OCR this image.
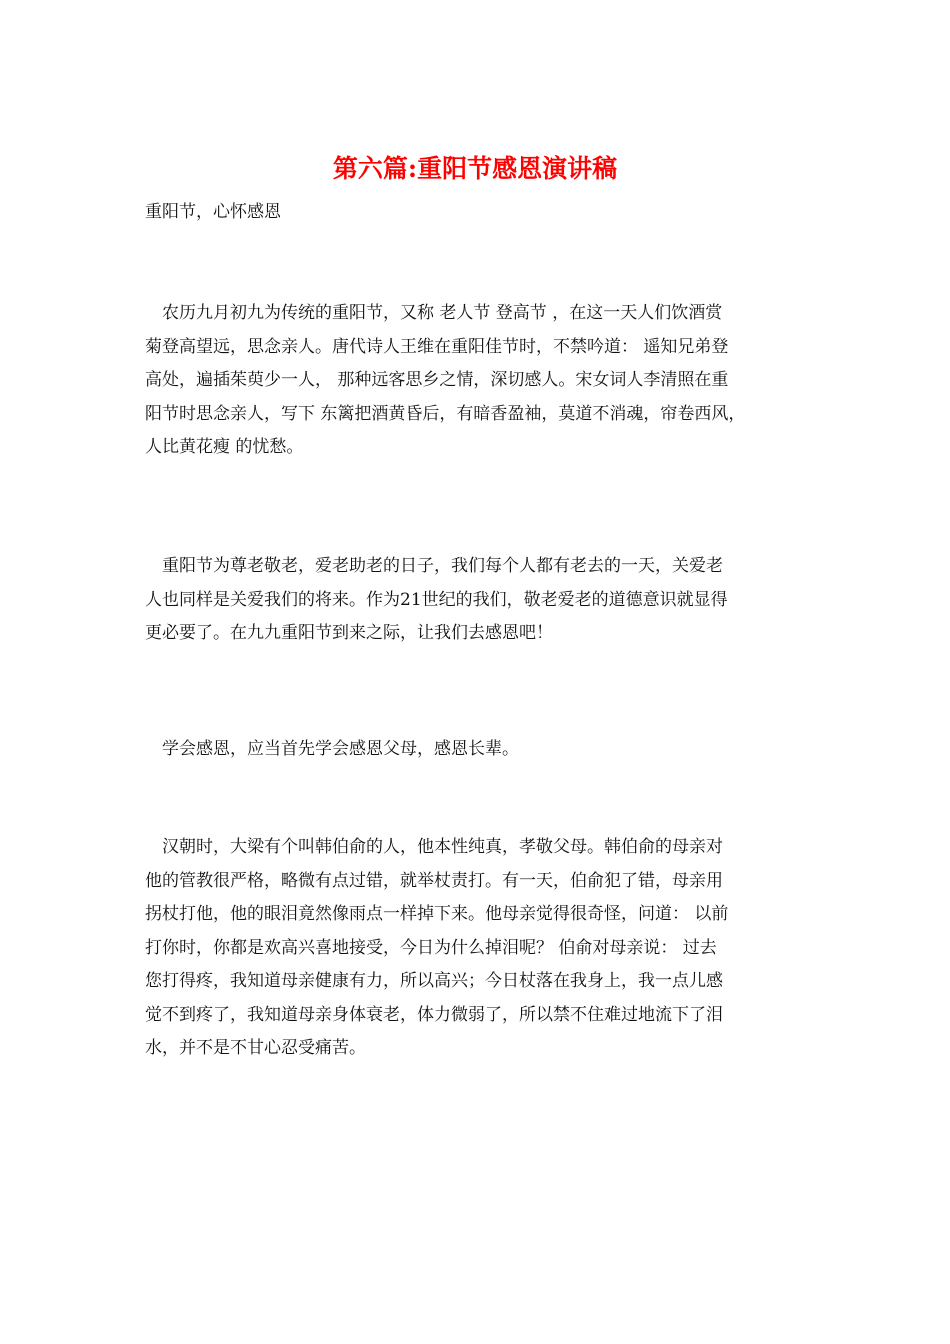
第六篇:重阳节感恩演讲稿
重阳节，心怀感恩
　农历九月初九为传统的重阳节，又称 老人节 登高节 ，在这一天人们饮酒赏
菊登高望远，思念亲人。唐代诗人王维在重阳佳节时，不禁吟道： 遥知兄弟登
高处，遍插茱萸少一人， 那种远客思乡之情，深切感人。宋女词人李清照在重
阳节时思念亲人，写下 东篱把酒黄昏后，有暗香盈袖，莫道不消魂，帘卷西风，
人比黄花瘦 的忧愁。
　重阳节为尊老敬老，爱老助老的日子，我们每个人都有老去的一天，关爱老
人也同样是关爱我们的将来。作为21世纪的我们，敬老爱老的道德意识就显得
更必要了。在九九重阳节到来之际，让我们去感恩吧！
　学会感恩，应当首先学会感恩父母，感恩长辈。
　汉朝时，大梁有个叫韩伯俞的人，他本性纯真，孝敬父母。韩伯俞的母亲对
他的管教很严格，略微有点过错，就举杖责打。有一天，伯俞犯了错，母亲用
拐杖打他，他的眼泪竟然像雨点一样掉下来。他母亲觉得很奇怪，问道： 以前
打你时，你都是欢高兴喜地接受，今日为什么掉泪呢？ 伯俞对母亲说： 过去
您打得疼，我知道母亲健康有力，所以高兴；今日杖落在我身上，我一点儿感
觉不到疼了，我知道母亲身体衰老，体力微弱了，所以禁不住难过地流下了泪
水，并不是不甘心忍受痛苦。
